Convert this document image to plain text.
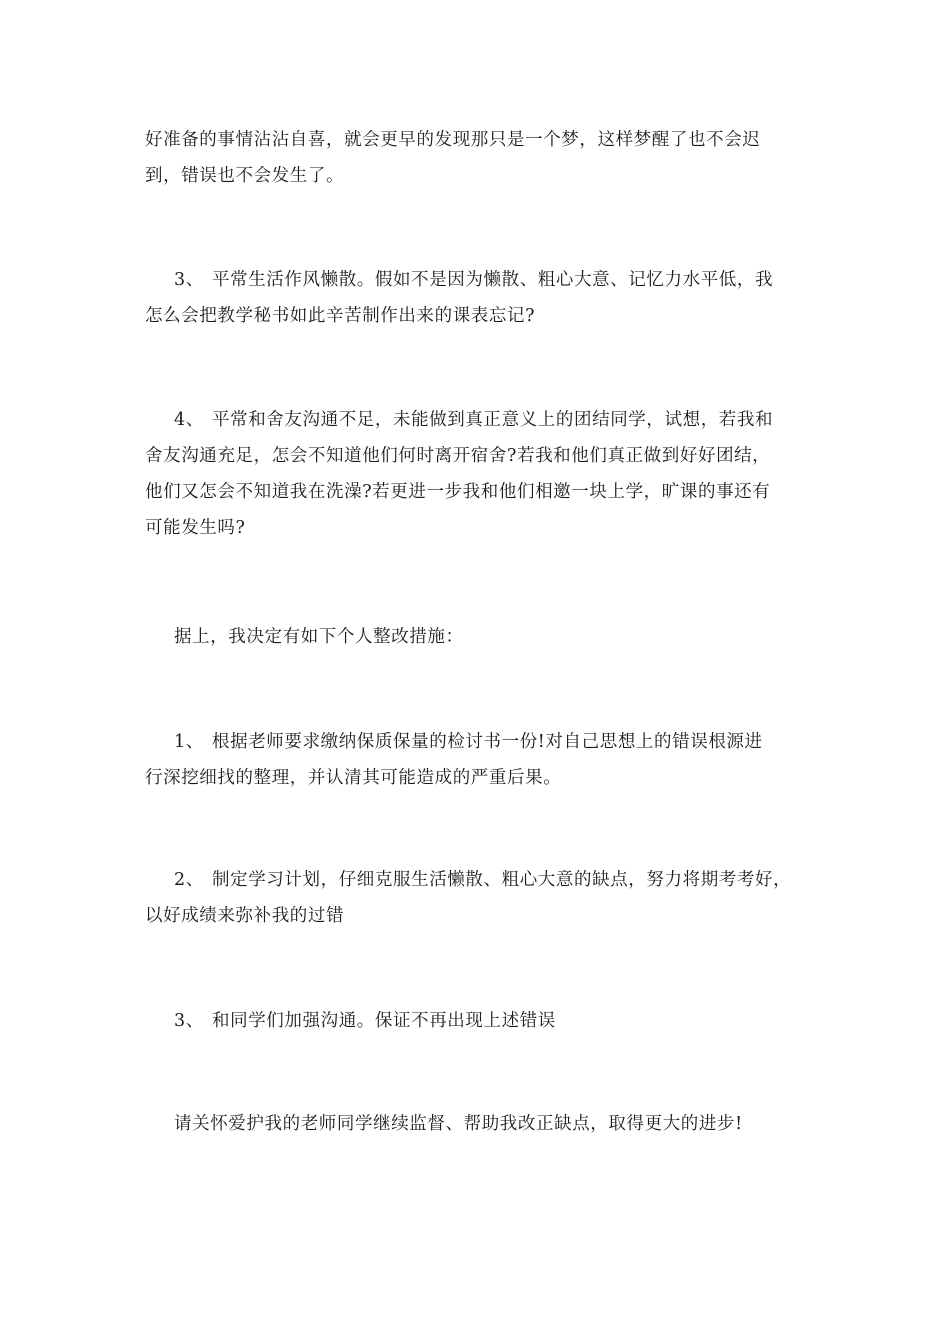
好准备的事情沾沾自喜，就会更早的发现那只是一个梦，这样梦醒了也不会迟
到，错误也不会发生了。

3、 平常生活作风懒散。假如不是因为懒散、粗心大意、记忆力水平低，我
怎么会把教学秘书如此辛苦制作出来的课表忘记?

4、 平常和舍友沟通不足，未能做到真正意义上的团结同学，试想，若我和
舍友沟通充足，怎会不知道他们何时离开宿舍?若我和他们真正做到好好团结，
他们又怎会不知道我在洗澡?若更进一步我和他们相邀一块上学，旷课的事还有
可能发生吗?

据上，我决定有如下个人整改措施：

1、 根据老师要求缴纳保质保量的检讨书一份!对自己思想上的错误根源进
行深挖细找的整理，并认清其可能造成的严重后果。

2、 制定学习计划，仔细克服生活懒散、粗心大意的缺点，努力将期考考好，
以好成绩来弥补我的过错

3、 和同学们加强沟通。保证不再出现上述错误

请关怀爱护我的老师同学继续监督、帮助我改正缺点，取得更大的进步!
